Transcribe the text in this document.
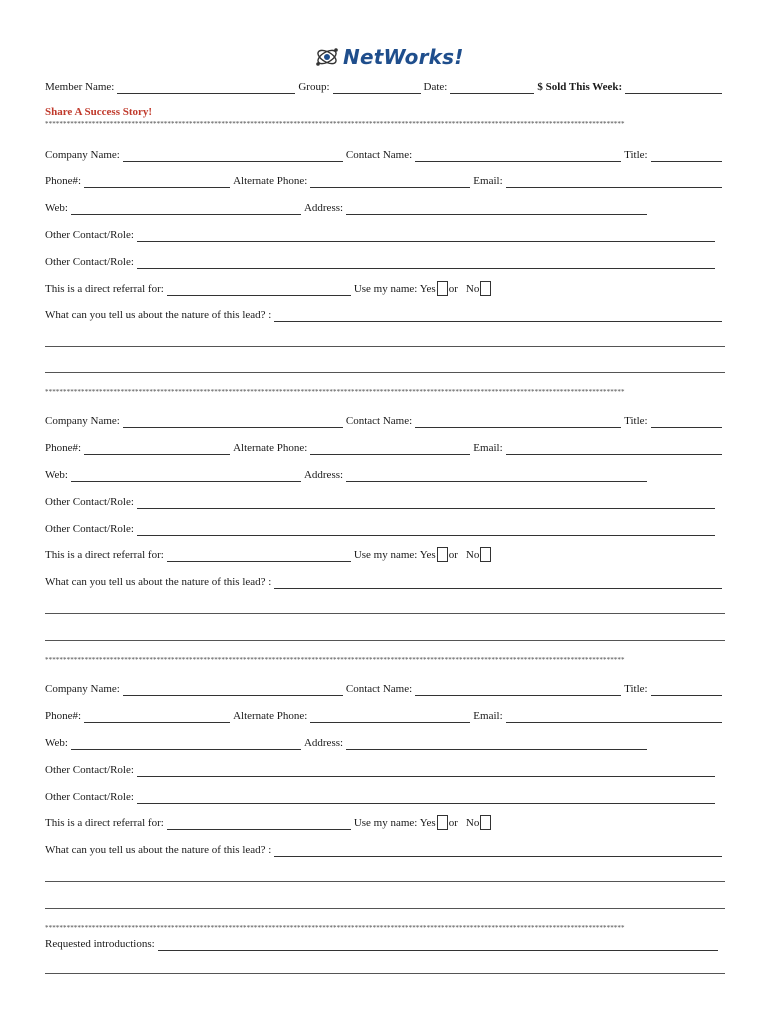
NetWorks!
Member Name:	Group:	Date:	$ Sold This Week:
Share A Success Story!
*****************************************************************************************************************************************************************
Company Name:	Contact Name:	Title:
Phone#:	Alternate Phone:	Email:
Web:	Address:
Other Contact/Role:
Other Contact/Role:
This is a direct referral for:	Use my name: Yes or No
What can you tell us about the nature of this lead? :
*****************************************************************************************************************************************************************
Company Name:	Contact Name:	Title:
Phone#:	Alternate Phone:	Email:
Web:	Address:
Other Contact/Role:
Other Contact/Role:
This is a direct referral for:	Use my name: Yes or No
What can you tell us about the nature of this lead? :
*****************************************************************************************************************************************************************
Company Name:	Contact Name:	Title:
Phone#:	Alternate Phone:	Email:
Web:	Address:
Other Contact/Role:
Other Contact/Role:
This is a direct referral for:	Use my name: Yes or No
What can you tell us about the nature of this lead? :
*****************************************************************************************************************************************************************
Requested introductions:
